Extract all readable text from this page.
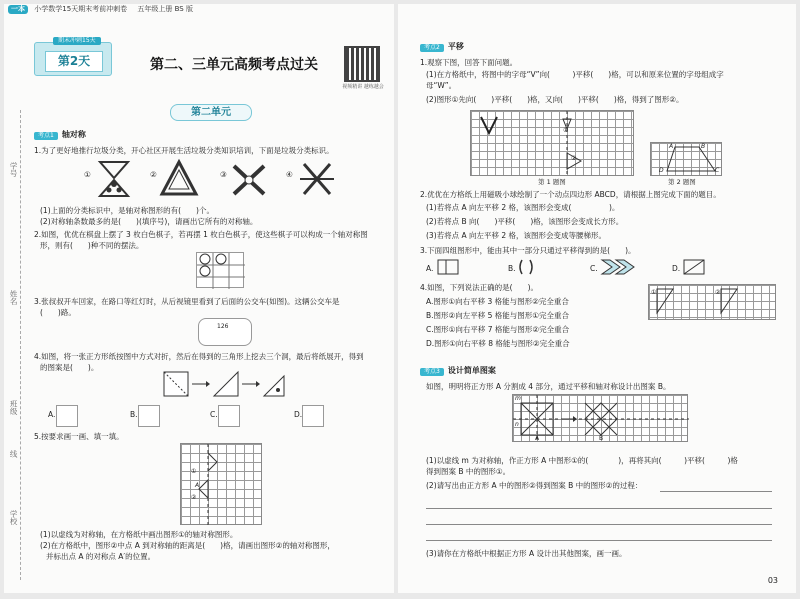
一本 小学数学15天期末考前冲刺卷 五年级上册 BS 版
学号
姓名
班级
线
学校
期末冲刺15天
第2天	第二、三单元高频考点过关
视频精讲 越练越会
第二单元
考点1 轴对称
1.为了更好地推行垃圾分类，开心社区开展生活垃圾分类知识培训，下面是垃圾分类标识。
①	②	③	④
(1)上面的分类标识中，是轴对称图形的有(　　)个。
(2)对称轴条数最多的是(　　)(填序号)，请画出它所有的对称轴。
2.如图，优优在棋盘上摆了 3 枚白色棋子，若再摆 1 枚白色棋子，使这些棋子可以构成一个轴对称图
形，则有(　　)种不同的摆法。
3.张叔叔开车回家，在路口等红灯时，从后视镜里看到了后面的公交车(如图)。这辆公交车是
(　　)路。
126
4.如图，将一张正方形纸按图中方式对折，然后在得到的三角形上挖去三个洞，最后将纸展开，得到
的图案是(　　)。
A.	B.	C.	D.
5.按要求画一画、填一填。
①
②
A
(1)以虚线为对称轴，在方格纸中画出图形①的轴对称图形。
(2)在方格纸中，图形②中点 A 到对称轴的距离是(　　)格，请画出图形②的轴对称图形，
并标出点 A 的对称点 A′的位置。
考点2 平移
1.观察下图，回答下面问题。
(1)在方格纸中，将图中的字母“V”向(　　　)平移(　　)格，可以和原来位置的字母组成字
母“W”。
(2)图形①先向(　　)平移(　　)格，又向(　　)平移(　　)格，得到了图形②。
①
②
第 1 题图
A	B
C
D
第 2 题图
2.优优在方格纸上用磁吸小球绘制了一个动点四边形 ABCD，请根据上图完成下面的题目。
(1)若将点 A 向左平移 2 格，该图形会变成(　　　　　)。
(2)若将点 B 向(　　)平移(　　)格，该图形会变成长方形。
(3)若将点 A 向左平移 2 格，该图形会变成等腰梯形。
3.下面四组图形中，能由其中一部分只通过平移得到的是(　　)。
A.	B.	C.	D.
4.如图，下列说法正确的是(　　)。
A.图形①向右平移 3 格能与图形②完全重合
B.图形②向左平移 5 格能与图形①完全重合
C.图形①向右平移 7 格能与图形②完全重合
D.图形①向右平移 8 格能与图形②完全重合
①	②
考点3 设计简单图案
如图，明明将正方形 A 分割成 4 部分，通过平移和轴对称设计出图案 B。
m
n
A	B
(1)以虚线 m 为对称轴，作正方形 A 中图形①的(　　　　)，再将其向(　　　)平移(　　　)格
得到图案 B 中的图形①。
(2)请写出由正方形 A 中的图形②得到图案 B 中的图形②的过程：
(3)请你在方格纸中根据正方形 A 设计出其他图案，画一画。
03
